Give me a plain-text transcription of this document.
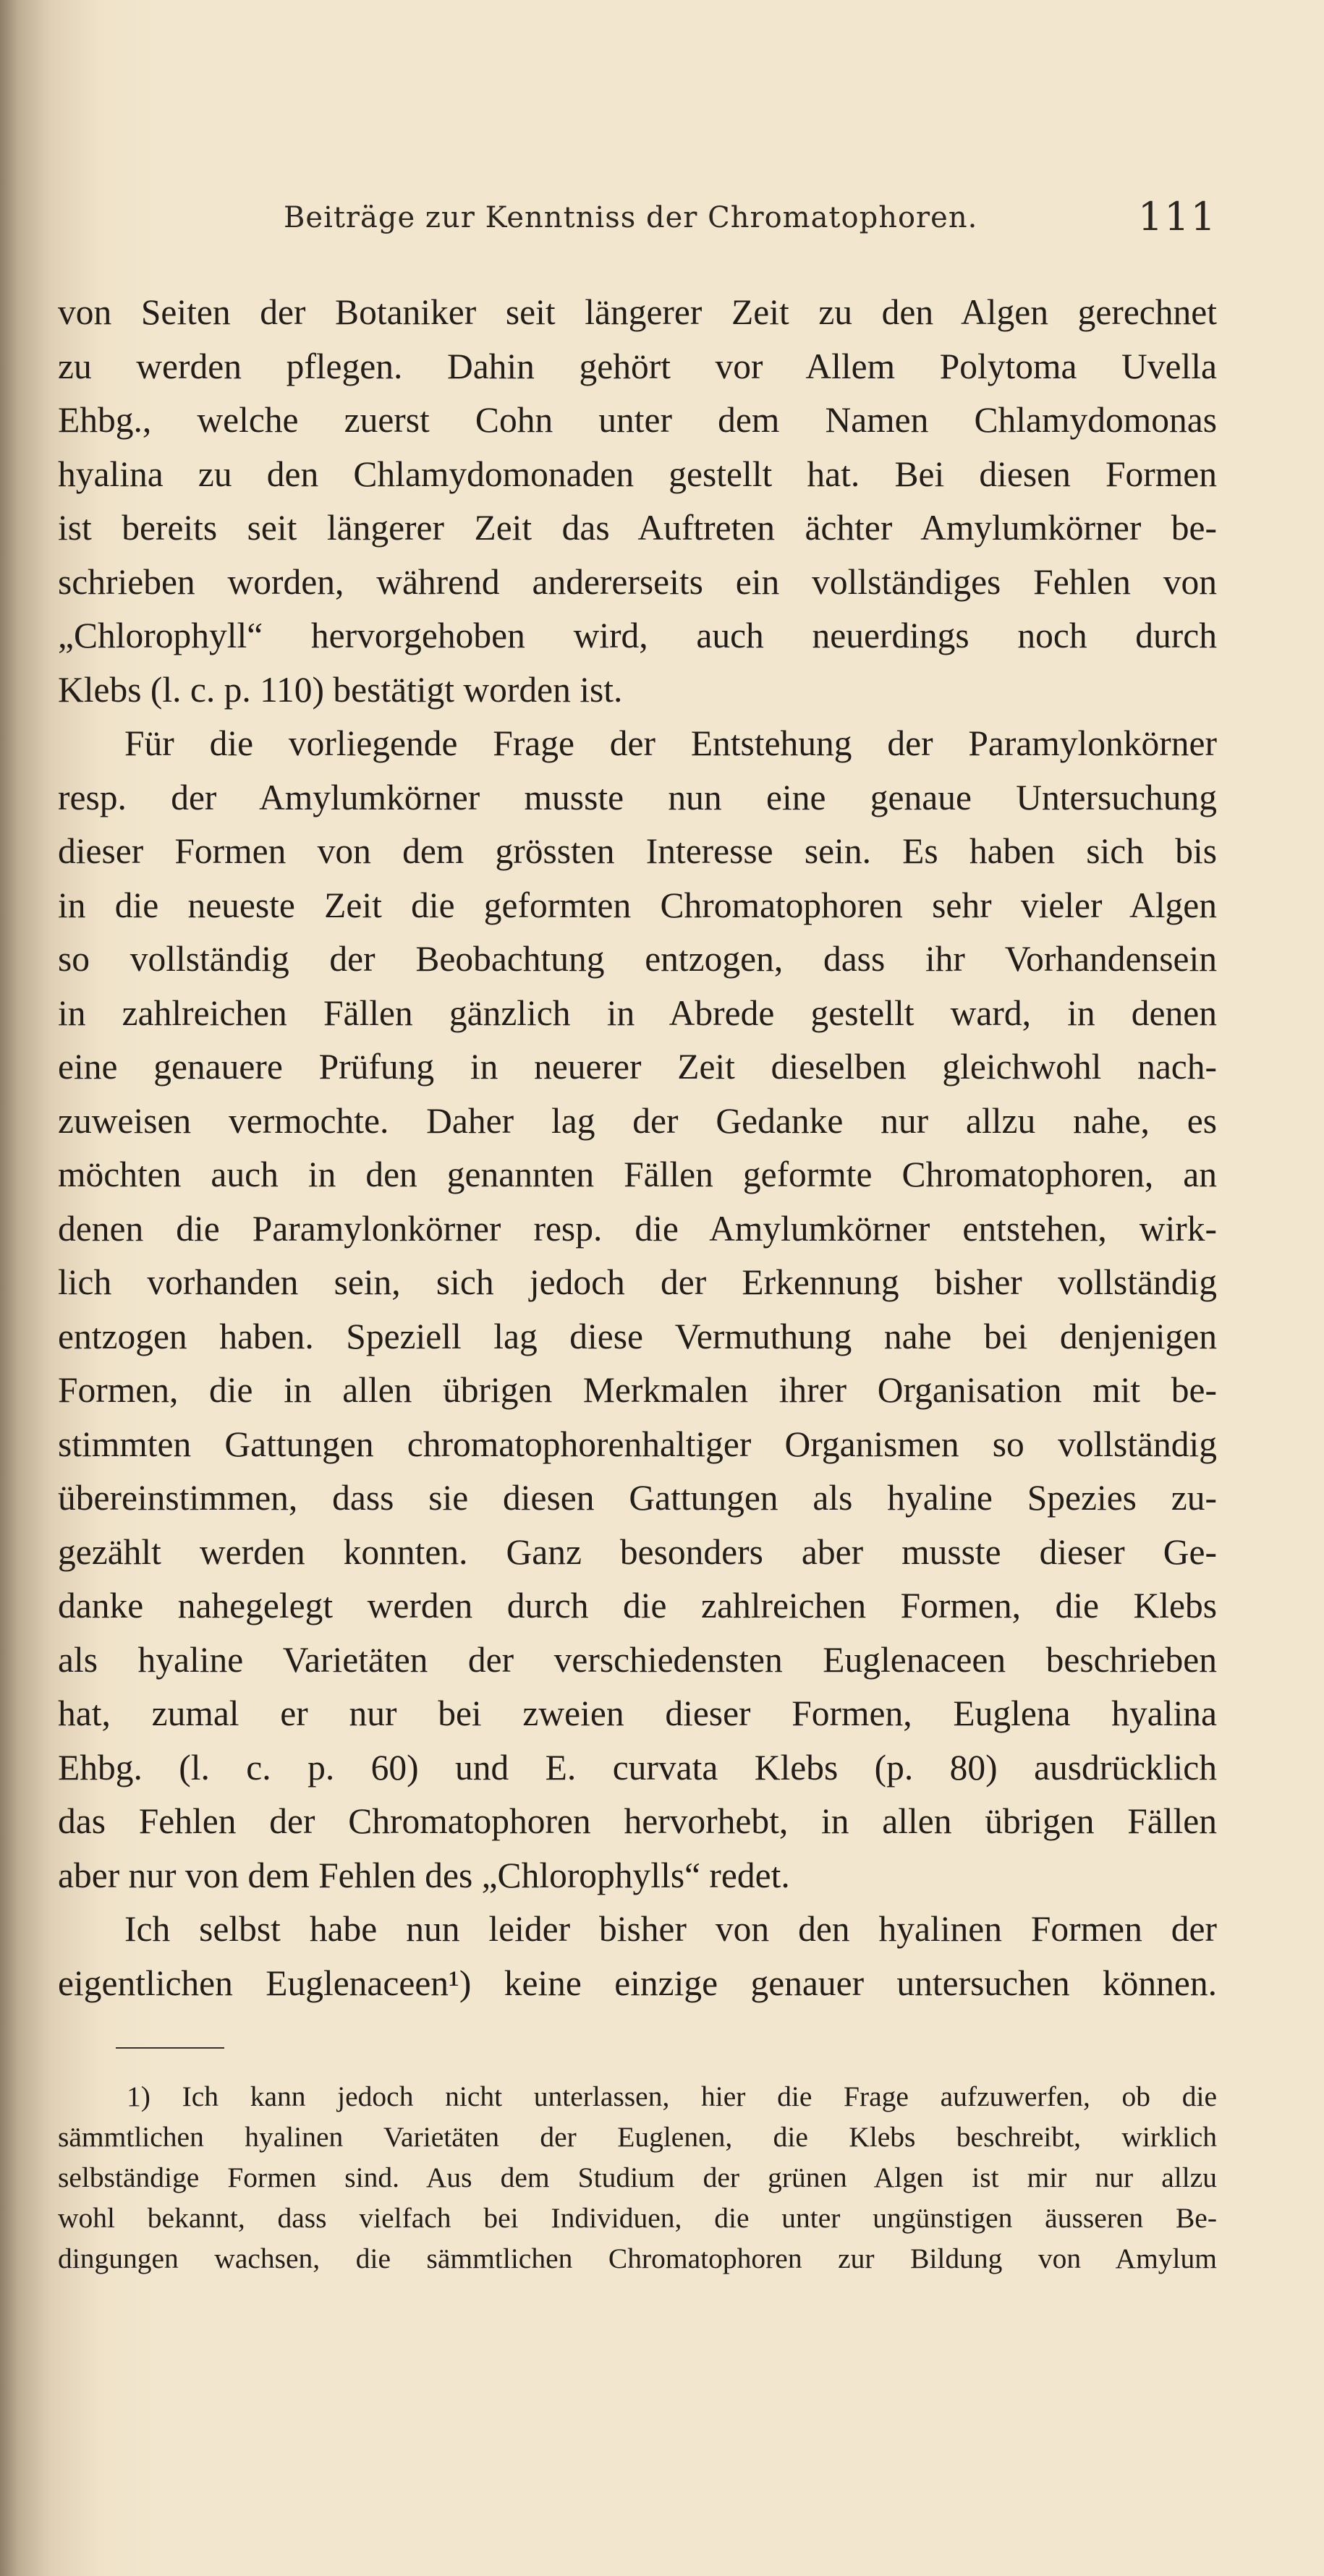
Beiträge zur Kenntniss der Chromatophoren.	111
von Seiten der Botaniker seit längerer Zeit zu den Algen gerechnet
zu werden pflegen. Dahin gehört vor Allem Polytoma Uvella
Ehbg., welche zuerst Cohn unter dem Namen Chlamydomonas
hyalina zu den Chlamydomonaden gestellt hat. Bei diesen Formen
ist bereits seit längerer Zeit das Auftreten ächter Amylumkörner be-
schrieben worden, während andererseits ein vollständiges Fehlen von
„Chlorophyll“ hervorgehoben wird, auch neuerdings noch durch
Klebs (l. c. p. 110) bestätigt worden ist.
Für die vorliegende Frage der Entstehung der Paramylonkörner
resp. der Amylumkörner musste nun eine genaue Untersuchung
dieser Formen von dem grössten Interesse sein. Es haben sich bis
in die neueste Zeit die geformten Chromatophoren sehr vieler Algen
so vollständig der Beobachtung entzogen, dass ihr Vorhandensein
in zahlreichen Fällen gänzlich in Abrede gestellt ward, in denen
eine genauere Prüfung in neuerer Zeit dieselben gleichwohl nach-
zuweisen vermochte. Daher lag der Gedanke nur allzu nahe, es
möchten auch in den genannten Fällen geformte Chromatophoren, an
denen die Paramylonkörner resp. die Amylumkörner entstehen, wirk-
lich vorhanden sein, sich jedoch der Erkennung bisher vollständig
entzogen haben. Speziell lag diese Vermuthung nahe bei denjenigen
Formen, die in allen übrigen Merkmalen ihrer Organisation mit be-
stimmten Gattungen chromatophorenhaltiger Organismen so vollständig
übereinstimmen, dass sie diesen Gattungen als hyaline Spezies zu-
gezählt werden konnten. Ganz besonders aber musste dieser Ge-
danke nahegelegt werden durch die zahlreichen Formen, die Klebs
als hyaline Varietäten der verschiedensten Euglenaceen beschrieben
hat, zumal er nur bei zweien dieser Formen, Euglena hyalina
Ehbg. (l. c. p. 60) und E. curvata Klebs (p. 80) ausdrücklich
das Fehlen der Chromatophoren hervorhebt, in allen übrigen Fällen
aber nur von dem Fehlen des „Chlorophylls“ redet.
Ich selbst habe nun leider bisher von den hyalinen Formen der
eigentlichen Euglenaceen¹) keine einzige genauer untersuchen können.
1) Ich kann jedoch nicht unterlassen, hier die Frage aufzuwerfen, ob die
sämmtlichen hyalinen Varietäten der Euglenen, die Klebs beschreibt, wirklich
selbständige Formen sind. Aus dem Studium der grünen Algen ist mir nur allzu
wohl bekannt, dass vielfach bei Individuen, die unter ungünstigen äusseren Be-
dingungen wachsen, die sämmtlichen Chromatophoren zur Bildung von Amylum
